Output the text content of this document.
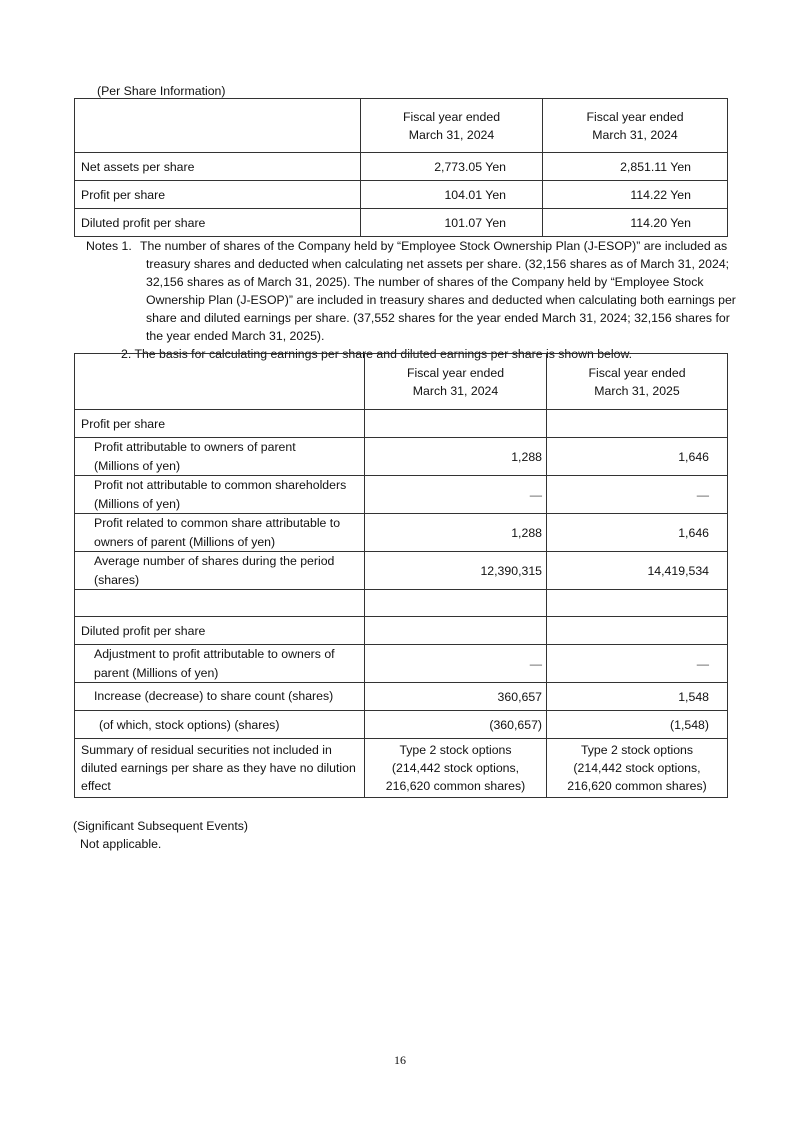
(Per Share Information)
	Fiscal year ended
March 31, 2024	Fiscal year ended
March 31, 2024
Net assets per share	2,773.05 Yen	2,851.11 Yen
Profit per share	104.01 Yen	114.22 Yen
Diluted profit per share	101.07 Yen	114.20 Yen
Notes 1. The number of shares of the Company held by “Employee Stock Ownership Plan (J-ESOP)” are included as
treasury shares and deducted when calculating net assets per share. (32,156 shares as of March 31, 2024;
32,156 shares as of March 31, 2025). The number of shares of the Company held by “Employee Stock
Ownership Plan (J-ESOP)” are included in treasury shares and deducted when calculating both earnings per
share and diluted earnings per share. (37,552 shares for the year ended March 31, 2024; 32,156 shares for
the year ended March 31, 2025).
2. The basis for calculating earnings per share and diluted earnings per share is shown below.
	Fiscal year ended
March 31, 2024	Fiscal year ended
March 31, 2025
Profit per share		
Profit attributable to owners of parent
(Millions of yen)	1,288	1,646
Profit not attributable to common shareholders
(Millions of yen)	—	—
Profit related to common share attributable to
owners of parent (Millions of yen)	1,288	1,646
Average number of shares during the period
(shares)	12,390,315	14,419,534

Diluted profit per share		
Adjustment to profit attributable to owners of
parent (Millions of yen)	—	—
Increase (decrease) to share count (shares)	360,657	1,548
(of which, stock options) (shares)	(360,657)	(1,548)
Summary of residual securities not included in
diluted earnings per share as they have no dilution
effect	Type 2 stock options
(214,442 stock options,
216,620 common shares)	Type 2 stock options
(214,442 stock options,
216,620 common shares)
(Significant Subsequent Events)
Not applicable.
16
